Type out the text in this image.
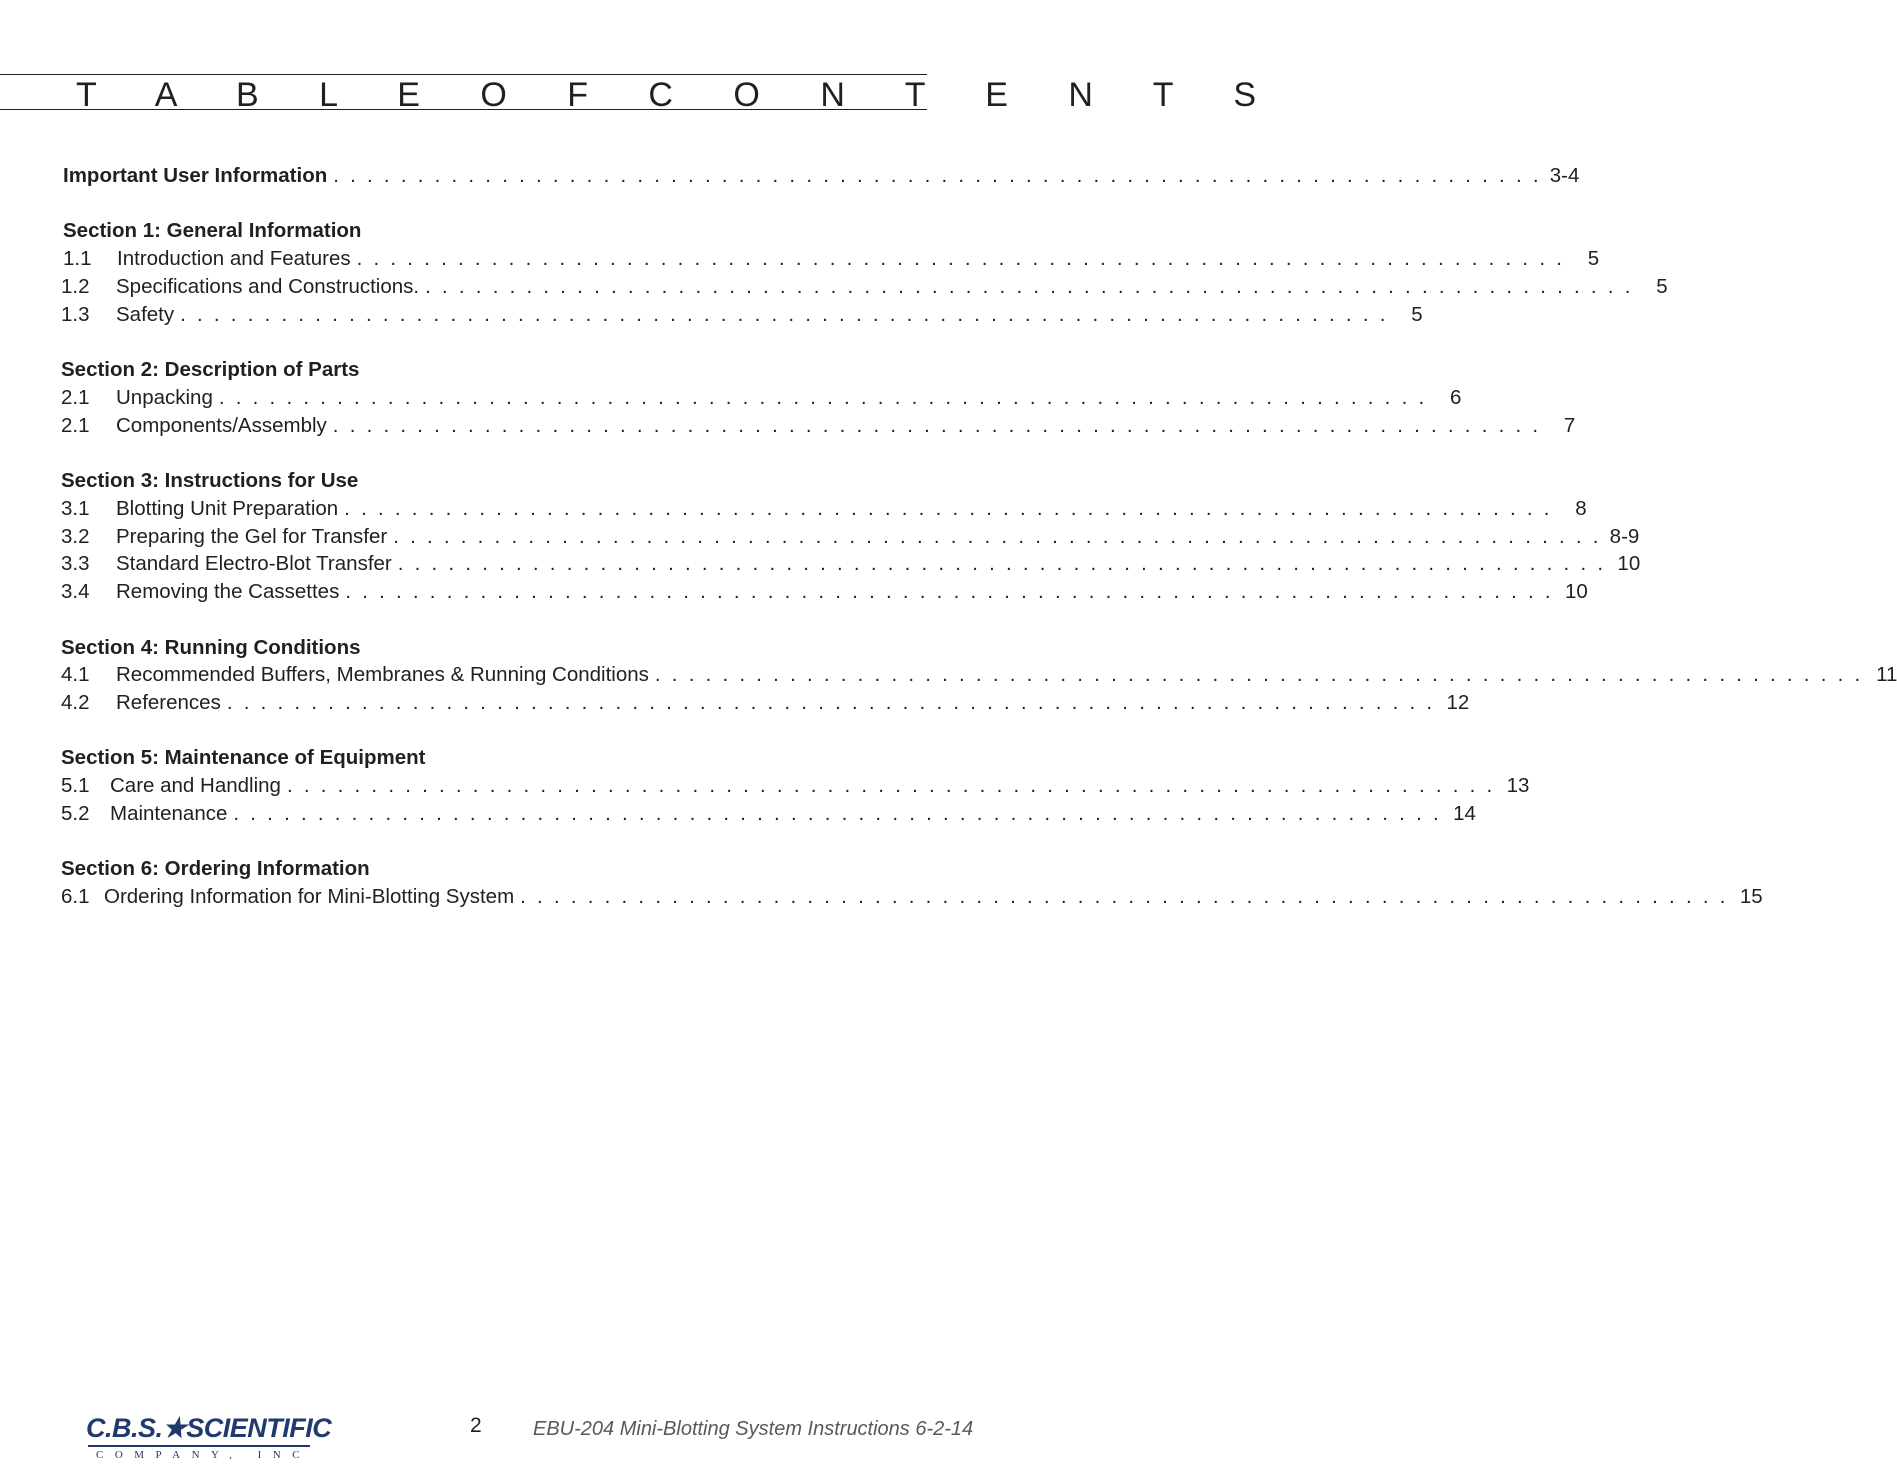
T A B L E O F C O N T E N T S
Important User Information ........................................................................ 3-4
Section 1: General Information
1.1	Introduction and Features ........................................................................ 5
1.2	Specifications and Constructions. ........................................................................ 5
1.3	Safety ........................................................................ 5
Section 2: Description of Parts
2.1	Unpacking ........................................................................ 6
2.1	Components/Assembly ........................................................................ 7
Section 3: Instructions for Use
3.1	Blotting Unit Preparation ........................................................................ 8
3.2	Preparing the Gel for Transfer ........................................................................ 8-9
3.3	Standard Electro-Blot Transfer ........................................................................ 10
3.4	Removing the Cassettes ........................................................................ 10
Section 4: Running Conditions
4.1	Recommended Buffers, Membranes & Running Conditions ........................................................................ 11
4.2	References ........................................................................ 12
Section 5: Maintenance of Equipment
5.1	Care and Handling ........................................................................ 13
5.2	Maintenance ........................................................................ 14
Section 6: Ordering Information
6.1 Ordering Information for Mini-Blotting System ........................................................................ 15
C.B.S.★SCIENTIFIC
COMPANY, INC
2	EBU-204 Mini-Blotting System Instructions 6-2-14
